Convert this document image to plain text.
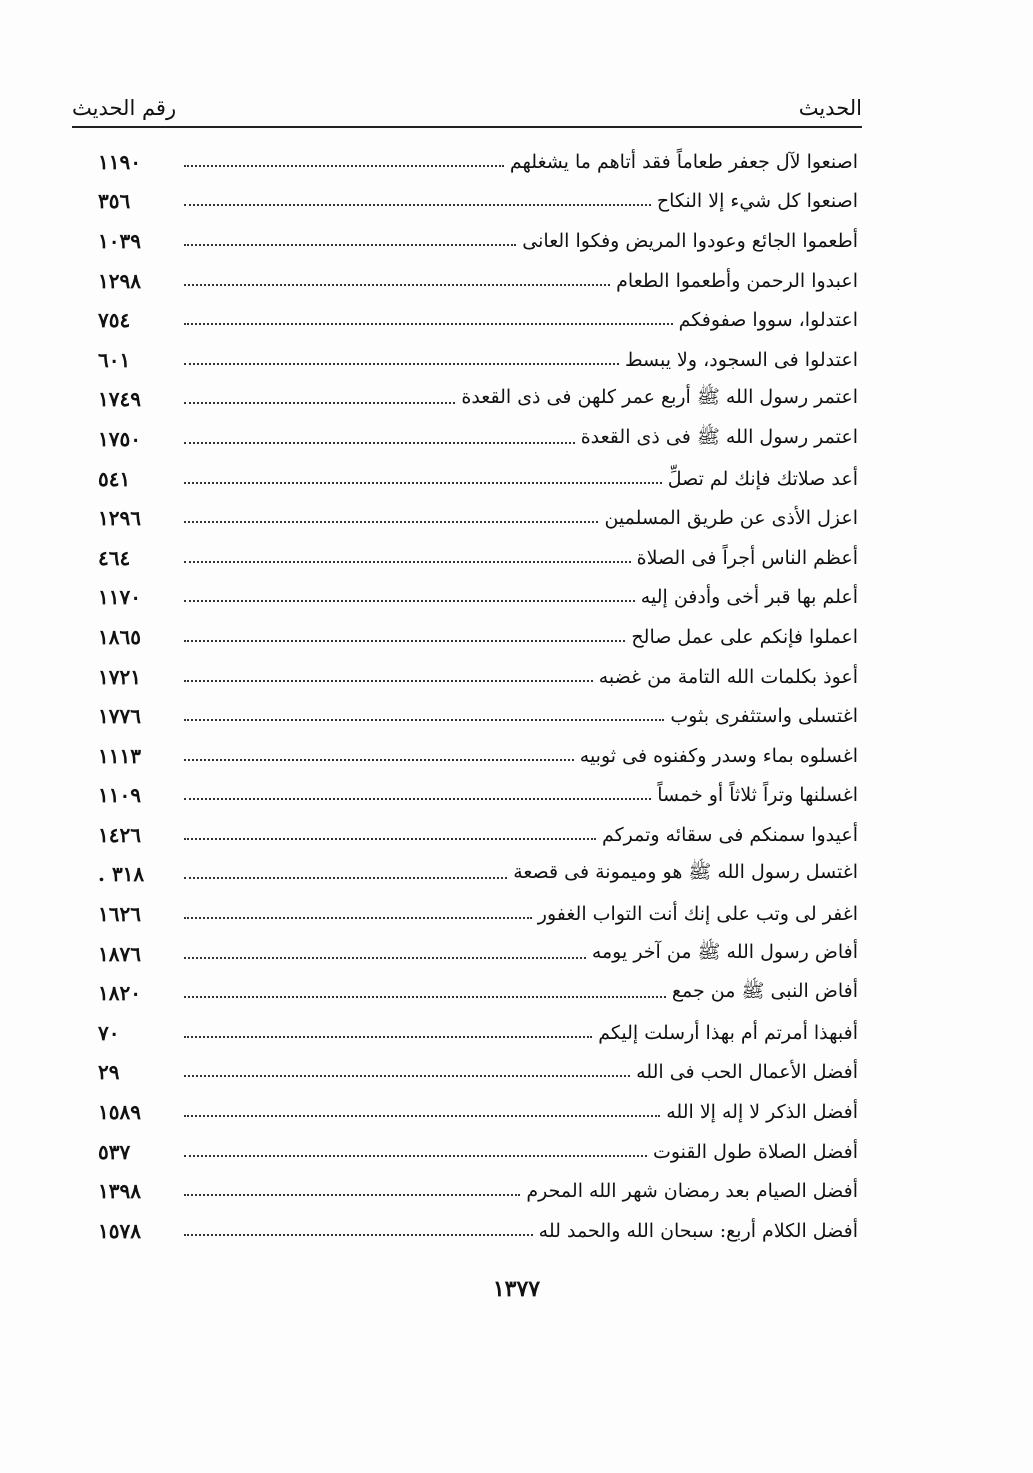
رقم الحديث	الحديث
١١٩٠	اصنعوا لآل جعفر طعاماً فقد أتاهم ما يشغلهم
٣٥٦	اصنعوا كل شيء إلا النكاح
١٠٣٩	أطعموا الجائع وعودوا المريض وفكوا العانى
١٢٩٨	اعبدوا الرحمن وأطعموا الطعام
٧٥٤	اعتدلوا، سووا صفوفكم
٦٠١	اعتدلوا فى السجود، ولا يبسط
١٧٤٩	اعتمر رسول الله ﷺ أربع عمر كلهن فى ذى القعدة
١٧٥٠	اعتمر رسول الله ﷺ فى ذى القعدة
٥٤١	أعد صلاتك فإنك لم تصلِّ
١٢٩٦	اعزل الأذى عن طريق المسلمين
٤٦٤	أعظم الناس أجراً فى الصلاة
١١٧٠	أعلم بها قبر أخى وأدفن إليه
١٨٦٥	اعملوا فإنكم على عمل صالح
١٧٢١	أعوذ بكلمات الله التامة من غضبه
١٧٧٦	اغتسلى واستثفرى بثوب
١١١٣	اغسلوه بماء وسدر وكفنوه فى ثوبيه
١١٠٩	اغسلنها وتراً ثلاثاً أو خمساً
١٤٢٦	أعيدوا سمنكم فى سقائه وتمركم
٣١٨ .	اغتسل رسول الله ﷺ هو وميمونة فى قصعة
١٦٢٦	اغفر لى وتب على إنك أنت التواب الغفور
١٨٧٦	أفاض رسول الله ﷺ من آخر يومه
١٨٢٠	أفاض النبى ﷺ من جمع
٧٠	أفبهذا أمرتم أم بهذا أرسلت إليكم
٢٩	أفضل الأعمال الحب فى الله
١٥٨٩	أفضل الذكر لا إله إلا الله
٥٣٧	أفضل الصلاة طول القنوت
١٣٩٨	أفضل الصيام بعد رمضان شهر الله المحرم
١٥٧٨	أفضل الكلام أربع: سبحان الله والحمد لله
١٣٧٧
